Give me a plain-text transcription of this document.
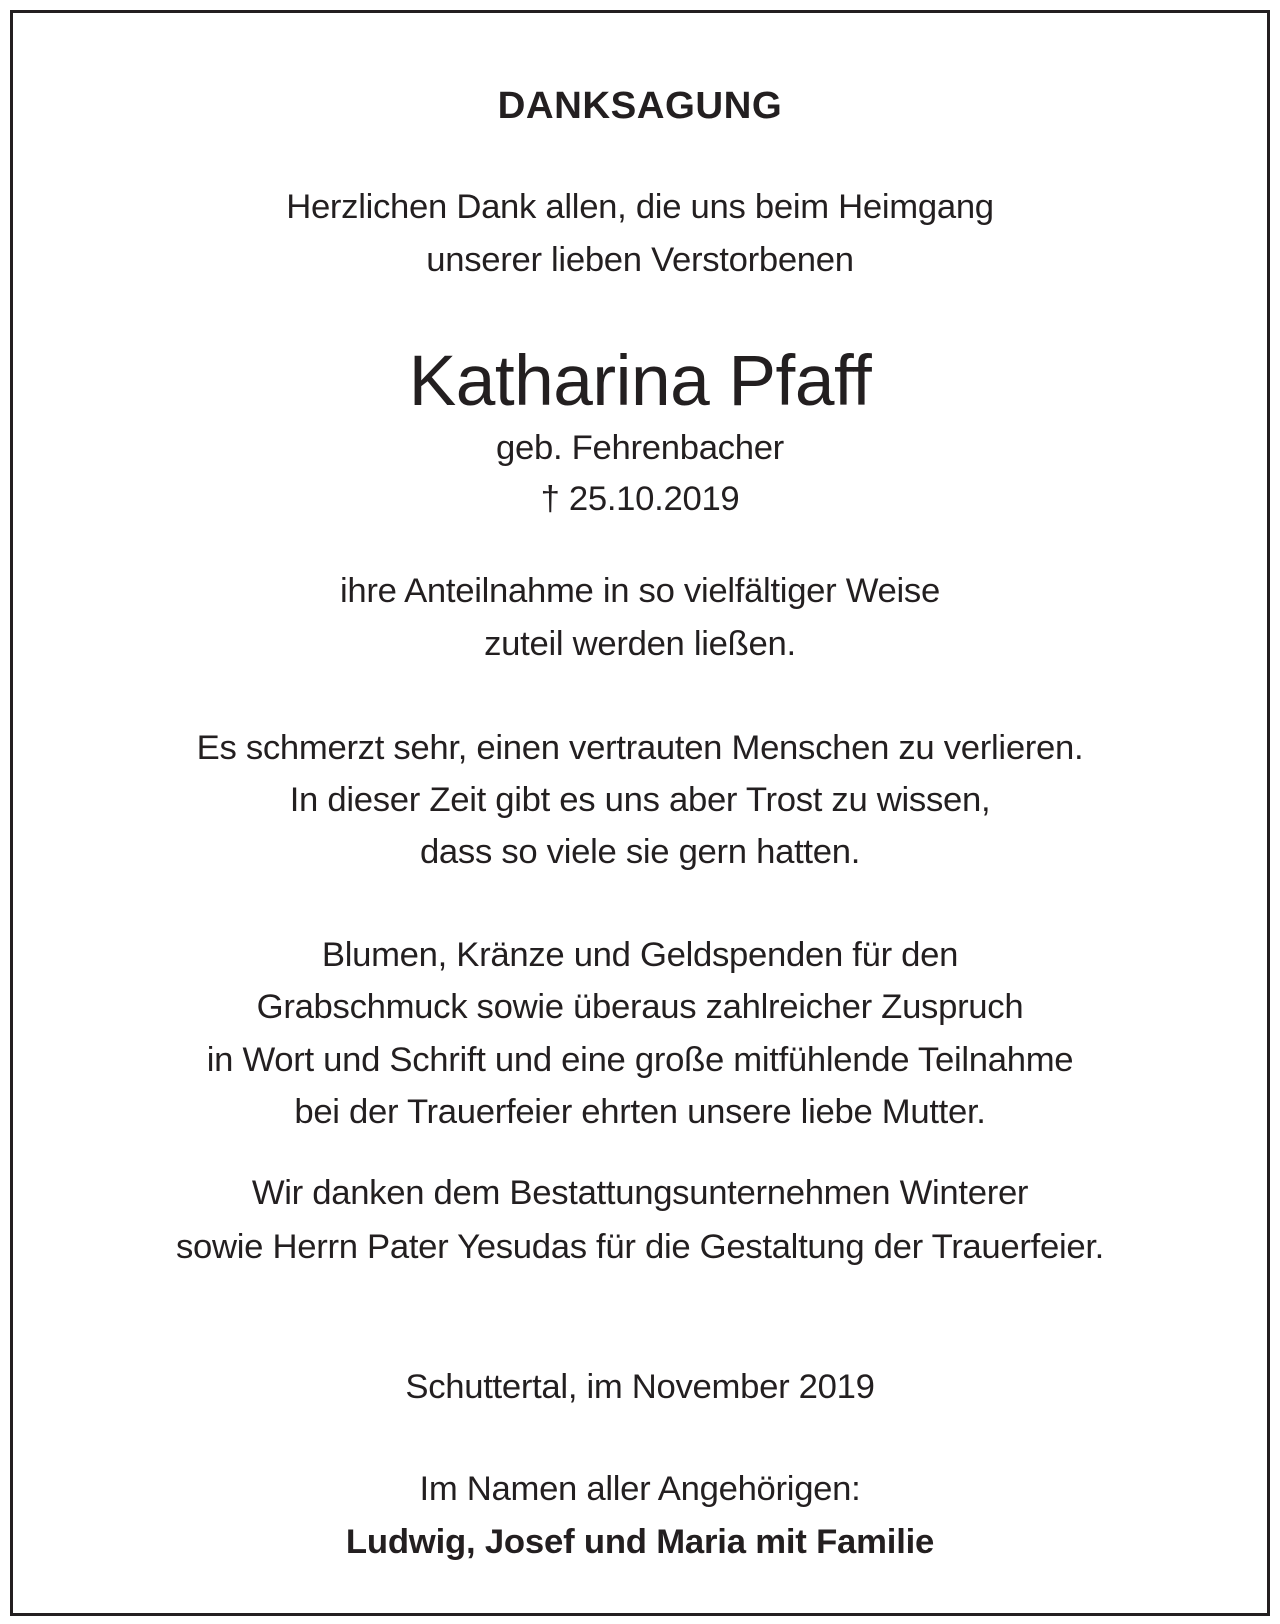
DANKSAGUNG
Herzlichen Dank allen, die uns beim Heimgang
unserer lieben Verstorbenen
Katharina Pfaff
geb. Fehrenbacher
† 25.10.2019
ihre Anteilnahme in so vielfältiger Weise
zuteil werden ließen.
Es schmerzt sehr, einen vertrauten Menschen zu verlieren.
In dieser Zeit gibt es uns aber Trost zu wissen,
dass so viele sie gern hatten.
Blumen, Kränze und Geldspenden für den
Grabschmuck sowie überaus zahlreicher Zuspruch
in Wort und Schrift und eine große mitfühlende Teilnahme
bei der Trauerfeier ehrten unsere liebe Mutter.
Wir danken dem Bestattungsunternehmen Winterer
sowie Herrn Pater Yesudas für die Gestaltung der Trauerfeier.
Schuttertal, im November 2019
Im Namen aller Angehörigen:
Ludwig, Josef und Maria mit Familie
